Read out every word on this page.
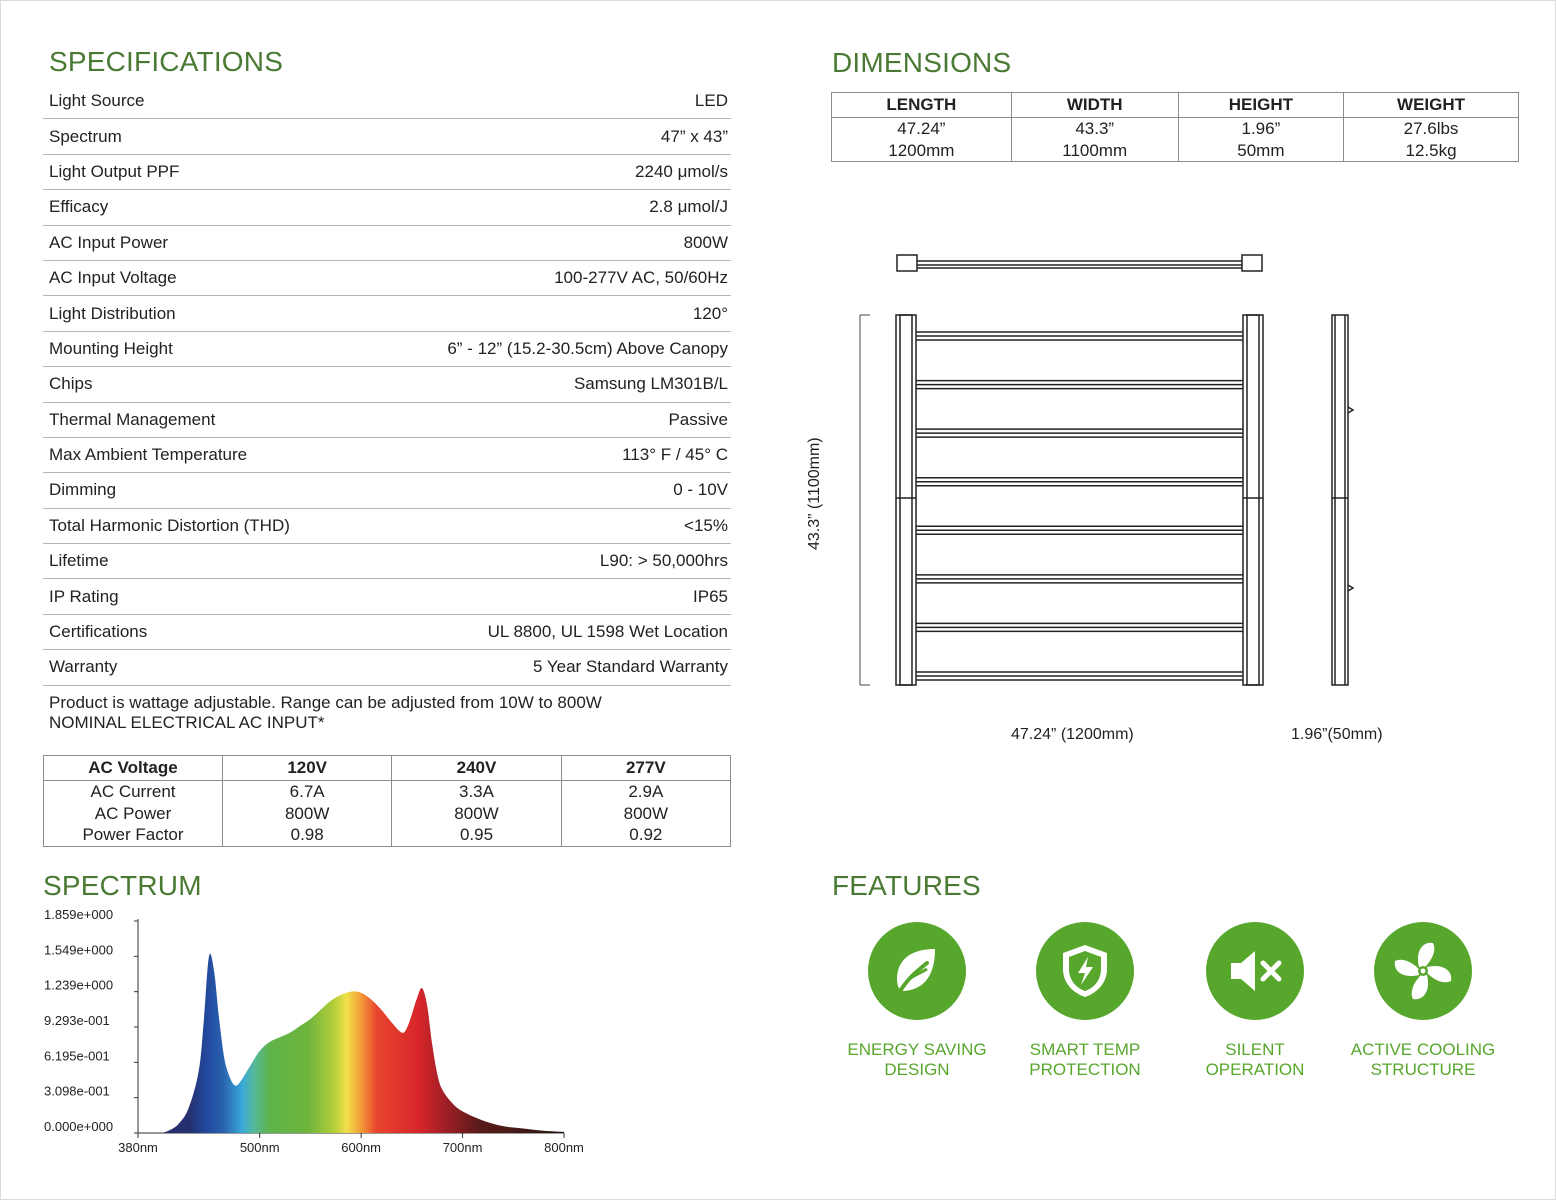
SPECIFICATIONS
Light Source	LED
Spectrum	47” x 43”
Light Output PPF	2240 μmol/s
Efficacy	2.8 μmol/J
AC Input Power	800W
AC Input Voltage	100-277V AC, 50/60Hz
Light Distribution	120°
Mounting Height	6” - 12” (15.2-30.5cm) Above Canopy
Chips	Samsung LM301B/L
Thermal Management	Passive
Max Ambient Temperature	113° F / 45° C
Dimming	0 - 10V
Total Harmonic Distortion (THD)	<15%
Lifetime	L90: > 50,000hrs
IP Rating	IP65
Certifications	UL 8800, UL 1598 Wet Location
Warranty	5 Year Standard Warranty
Product is wattage adjustable. Range can be adjusted from 10W to 800W
NOMINAL ELECTRICAL AC INPUT*
AC Voltage	120V	240V	277V
AC Current	6.7A	3.3A	2.9A
AC Power	800W	800W	800W
Power Factor	0.98	0.95	0.92
DIMENSIONS
LENGTH	WIDTH	HEIGHT	WEIGHT
47.24”	43.3”	1.96”	27.6lbs
1200mm	1100mm	50mm	12.5kg
43.3” (1100mm)
47.24” (1200mm)	1.96”(50mm)
SPECTRUM
0.000e+000
3.098e-001
6.195e-001
9.293e-001
1.239e+000
1.549e+000
1.859e+000
380nm	500nm	600nm	700nm	800nm
FEATURES
ENERGY SAVING
DESIGN
SMART TEMP
PROTECTION
SILENT
OPERATION
ACTIVE COOLING
STRUCTURE
